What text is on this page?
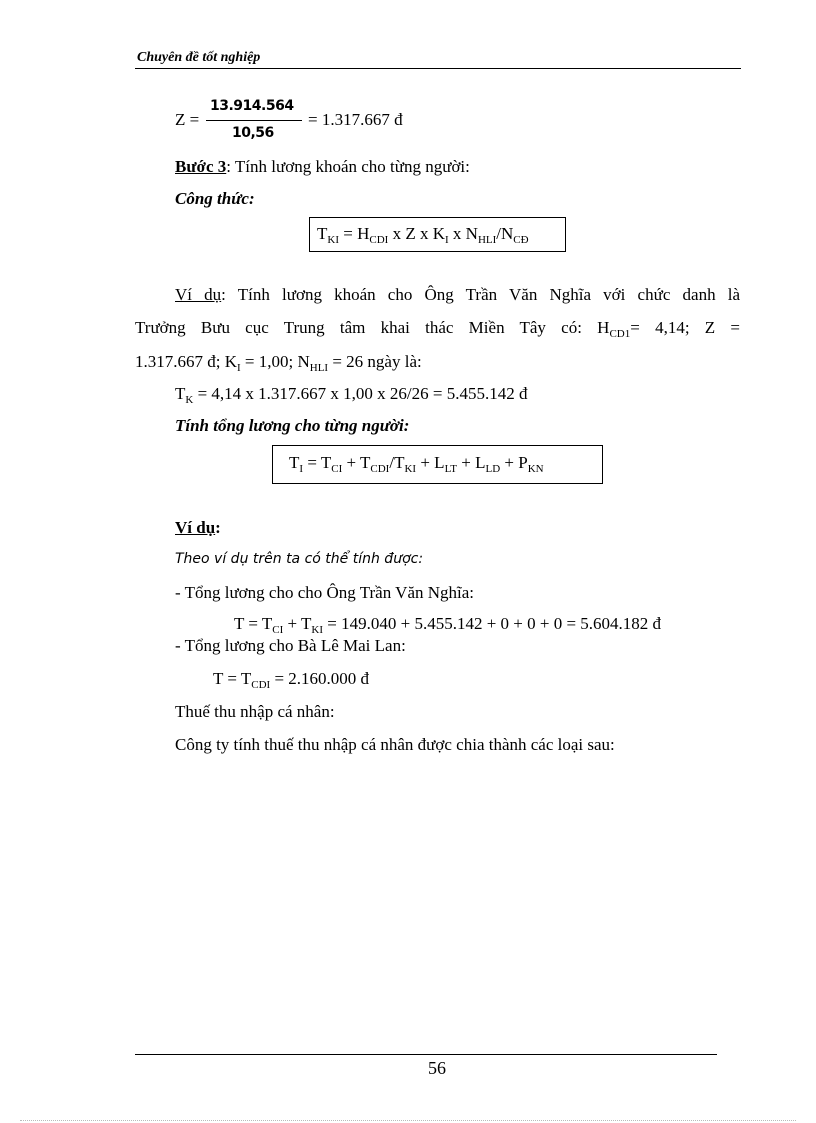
Chuyên đề tốt nghiệp
Z =
13.914.564
10,56
= 1.317.667 đ
Bước 3: Tính lương khoán cho từng người:
Công thức:
$T_{KI} = H_{CDI}$ x Z x $K_I$ x $N_{HLI}/N_{CĐ}$
Ví dụ: Tính lương khoán cho Ông Trần Văn Nghĩa với chức danh là
Trưởng Bưu cục Trung tâm khai thác Miền Tây có: $H_{CD1}= 4,14$; Z =
1.317.667 đ; $K_I = 1,00$; $N_{HLI} = 26$ ngày là:
$T_K = 4,14$ x 1.317.667 x 1,00 x 26/26 = 5.455.142 đ
Tính tổng lương cho từng người:
$T_I = T_{CI} + T_{CDI}/T_{KI} + L_{LT} + L_{LD} + P_{KN}$
Ví dụ:
Theo ví dụ trên ta có thể tính được:
- Tổng lương cho cho Ông Trần Văn Nghĩa:
$T = T_{CI} + T_{KI} = 149.040 + 5.455.142 + 0 + 0 + 0 = 5.604.182$ đ
- Tổng lương cho Bà Lê Mai Lan:
$T = T_{CDI} = 2.160.000$ đ
Thuế thu nhập cá nhân:
Công ty tính thuế thu nhập cá nhân được chia thành các loại sau:
56
